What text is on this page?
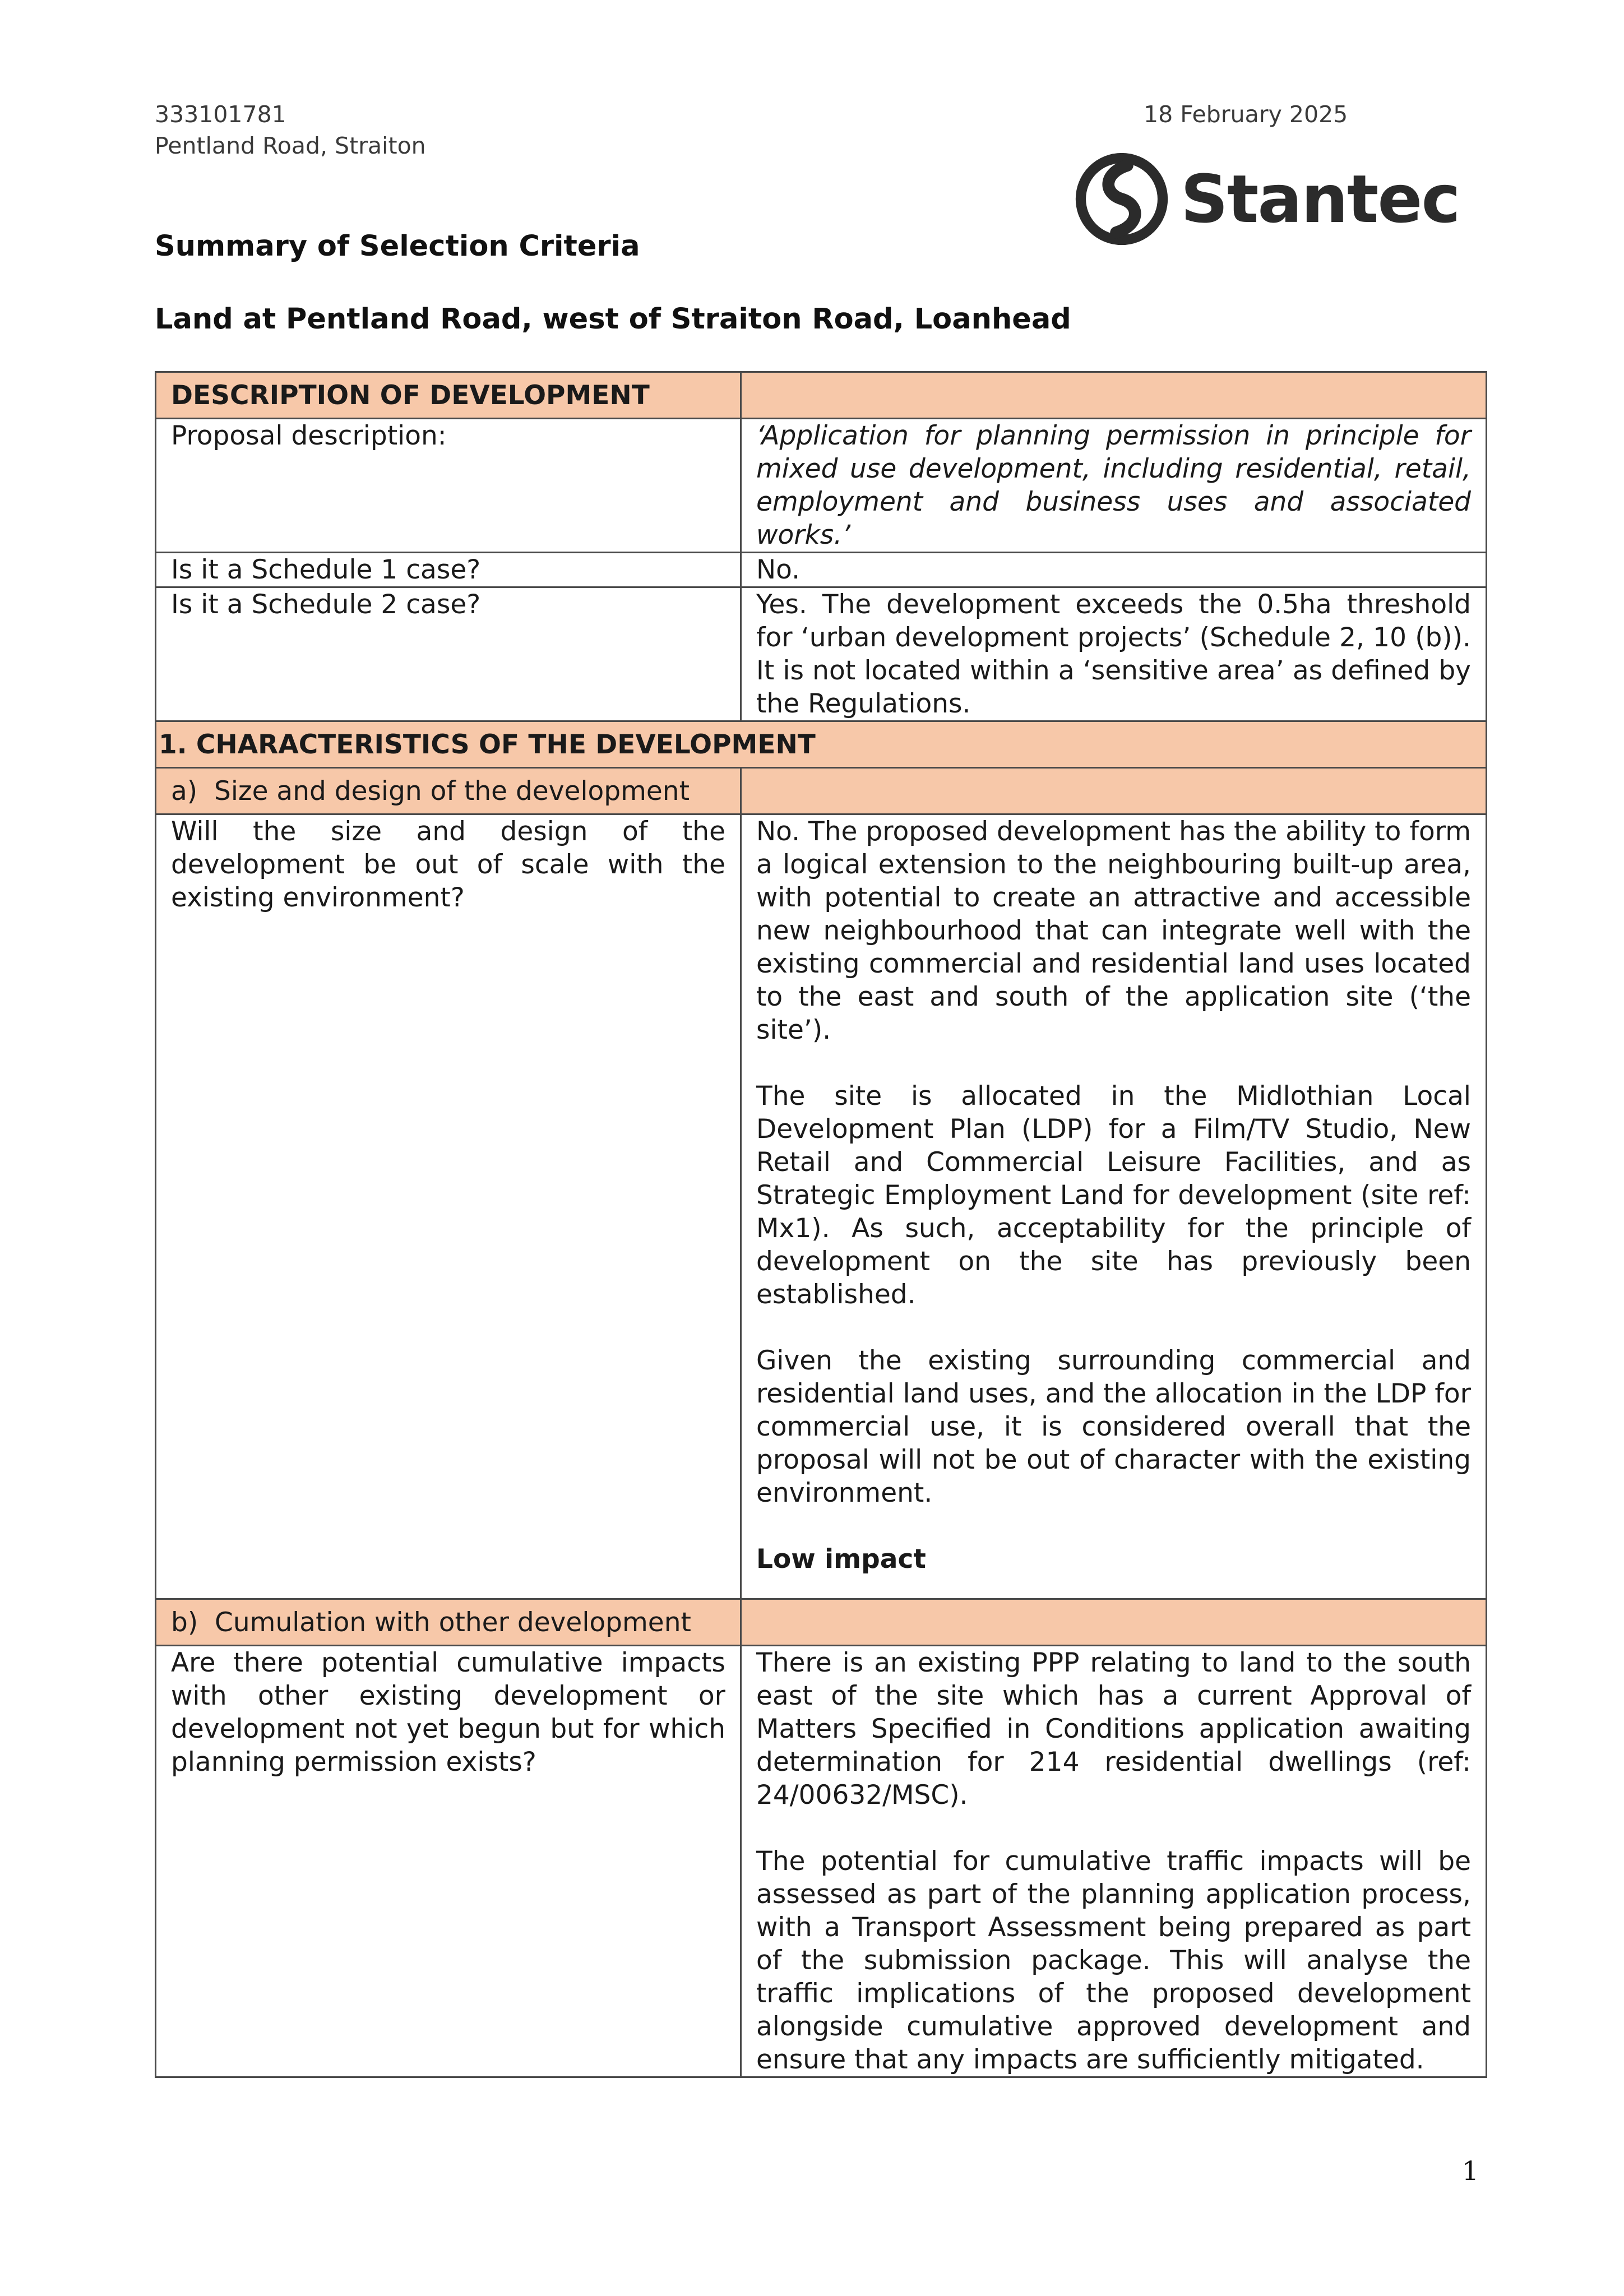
333101781
Pentland Road, Straiton
18 February 2025
Stantec
Summary of Selection Criteria
Land at Pentland Road, west of Straiton Road, Loanhead
DESCRIPTION OF DEVELOPMENT	
Proposal description:	‘Application for planning permission in principle for mixed use development, including residential, retail, employment and business uses and associated works.’

Is it a Schedule 1 case?	No.

Is it a Schedule 2 case?	Yes. The development exceeds the 0.5ha threshold for ‘urban development projects’ (Schedule 2, 10 (b)). It is not located within a ‘sensitive area’ as defined by the Regulations.

1. CHARACTERISTICS OF THE DEVELOPMENT	
a)  Size and design of the development	
Will the size and design of the development be out of scale with the existing environment?	No. The proposed development has the ability to form a logical extension to the neighbouring built-up area, with potential to create an attractive and accessible new neighbourhood that can integrate well with the existing commercial and residential land uses located to the east and south of the application site (‘the site’).

The site is allocated in the Midlothian Local Development Plan (LDP) for a Film/TV Studio, New Retail and Commercial Leisure Facilities, and as Strategic Employment Land for development (site ref: Mx1). As such, acceptability for the principle of development on the site has previously been established.

Given the existing surrounding commercial and residential land uses, and the allocation in the LDP for commercial use, it is considered overall that the proposal will not be out of character with the existing environment.

Low impact

b)  Cumulation with other development	
Are there potential cumulative impacts with other existing development or development not yet begun but for which planning permission exists?	There is an existing PPP relating to land to the south east of the site which has a current Approval of Matters Specified in Conditions application awaiting determination for 214 residential dwellings (ref: 24/00632/MSC).

The potential for cumulative traffic impacts will be assessed as part of the planning application process, with a Transport Assessment being prepared as part of the submission package. This will analyse the traffic implications of the proposed development alongside cumulative approved development and ensure that any impacts are sufficiently mitigated.

1
